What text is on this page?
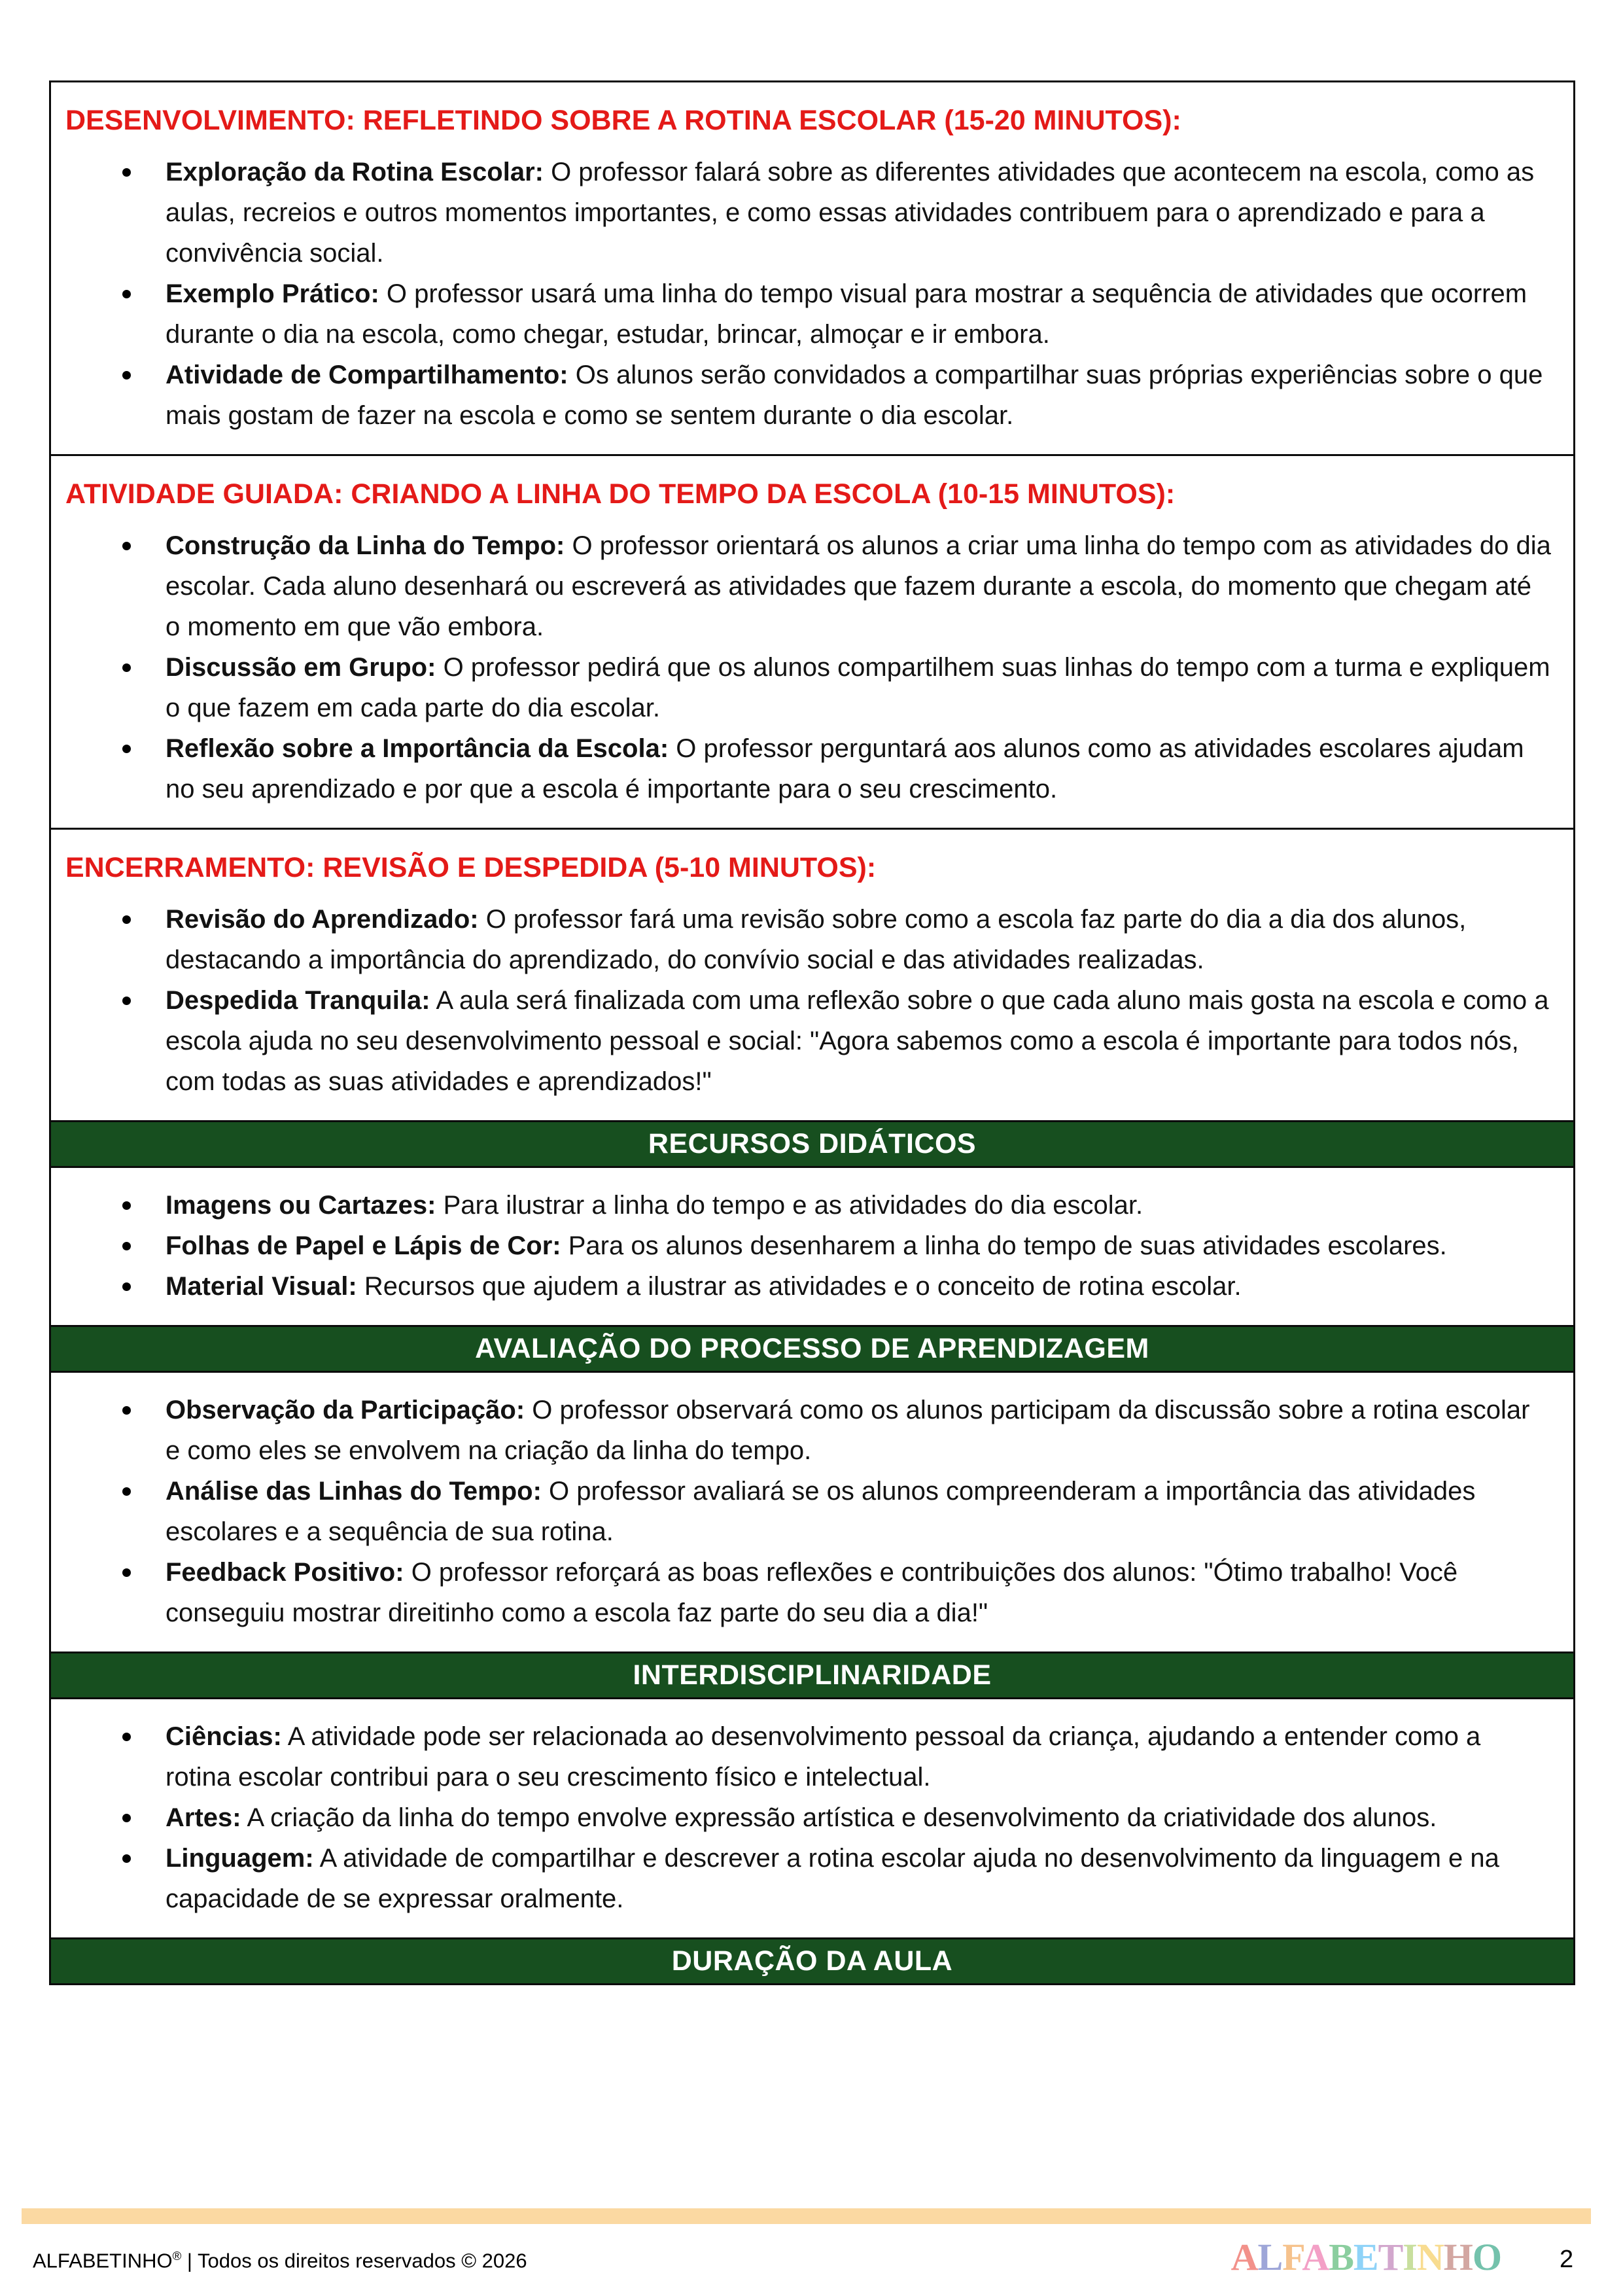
DESENVOLVIMENTO: REFLETINDO SOBRE A ROTINA ESCOLAR (15-20 MINUTOS):
Exploração da Rotina Escolar: O professor falará sobre as diferentes atividades que acontecem na escola, como as aulas, recreios e outros momentos importantes, e como essas atividades contribuem para o aprendizado e para a convivência social.
Exemplo Prático: O professor usará uma linha do tempo visual para mostrar a sequência de atividades que ocorrem durante o dia na escola, como chegar, estudar, brincar, almoçar e ir embora.
Atividade de Compartilhamento: Os alunos serão convidados a compartilhar suas próprias experiências sobre o que mais gostam de fazer na escola e como se sentem durante o dia escolar.
ATIVIDADE GUIADA: CRIANDO A LINHA DO TEMPO DA ESCOLA (10-15 MINUTOS):
Construção da Linha do Tempo: O professor orientará os alunos a criar uma linha do tempo com as atividades do dia escolar. Cada aluno desenhará ou escreverá as atividades que fazem durante a escola, do momento que chegam até o momento em que vão embora.
Discussão em Grupo: O professor pedirá que os alunos compartilhem suas linhas do tempo com a turma e expliquem o que fazem em cada parte do dia escolar.
Reflexão sobre a Importância da Escola: O professor perguntará aos alunos como as atividades escolares ajudam no seu aprendizado e por que a escola é importante para o seu crescimento.
ENCERRAMENTO: REVISÃO E DESPEDIDA (5-10 MINUTOS):
Revisão do Aprendizado: O professor fará uma revisão sobre como a escola faz parte do dia a dia dos alunos, destacando a importância do aprendizado, do convívio social e das atividades realizadas.
Despedida Tranquila: A aula será finalizada com uma reflexão sobre o que cada aluno mais gosta na escola e como a escola ajuda no seu desenvolvimento pessoal e social: "Agora sabemos como a escola é importante para todos nós, com todas as suas atividades e aprendizados!"
RECURSOS DIDÁTICOS
Imagens ou Cartazes: Para ilustrar a linha do tempo e as atividades do dia escolar.
Folhas de Papel e Lápis de Cor: Para os alunos desenharem a linha do tempo de suas atividades escolares.
Material Visual: Recursos que ajudem a ilustrar as atividades e o conceito de rotina escolar.
AVALIAÇÃO DO PROCESSO DE APRENDIZAGEM
Observação da Participação: O professor observará como os alunos participam da discussão sobre a rotina escolar e como eles se envolvem na criação da linha do tempo.
Análise das Linhas do Tempo: O professor avaliará se os alunos compreenderam a importância das atividades escolares e a sequência de sua rotina.
Feedback Positivo: O professor reforçará as boas reflexões e contribuições dos alunos: "Ótimo trabalho! Você conseguiu mostrar direitinho como a escola faz parte do seu dia a dia!"
INTERDISCIPLINARIDADE
Ciências: A atividade pode ser relacionada ao desenvolvimento pessoal da criança, ajudando a entender como a rotina escolar contribui para o seu crescimento físico e intelectual.
Artes: A criação da linha do tempo envolve expressão artística e desenvolvimento da criatividade dos alunos.
Linguagem: A atividade de compartilhar e descrever a rotina escolar ajuda no desenvolvimento da linguagem e na capacidade de se expressar oralmente.
DURAÇÃO DA AULA
ALFABETINHO® | Todos os direitos reservados © 2026	ALFABETINHO 2
